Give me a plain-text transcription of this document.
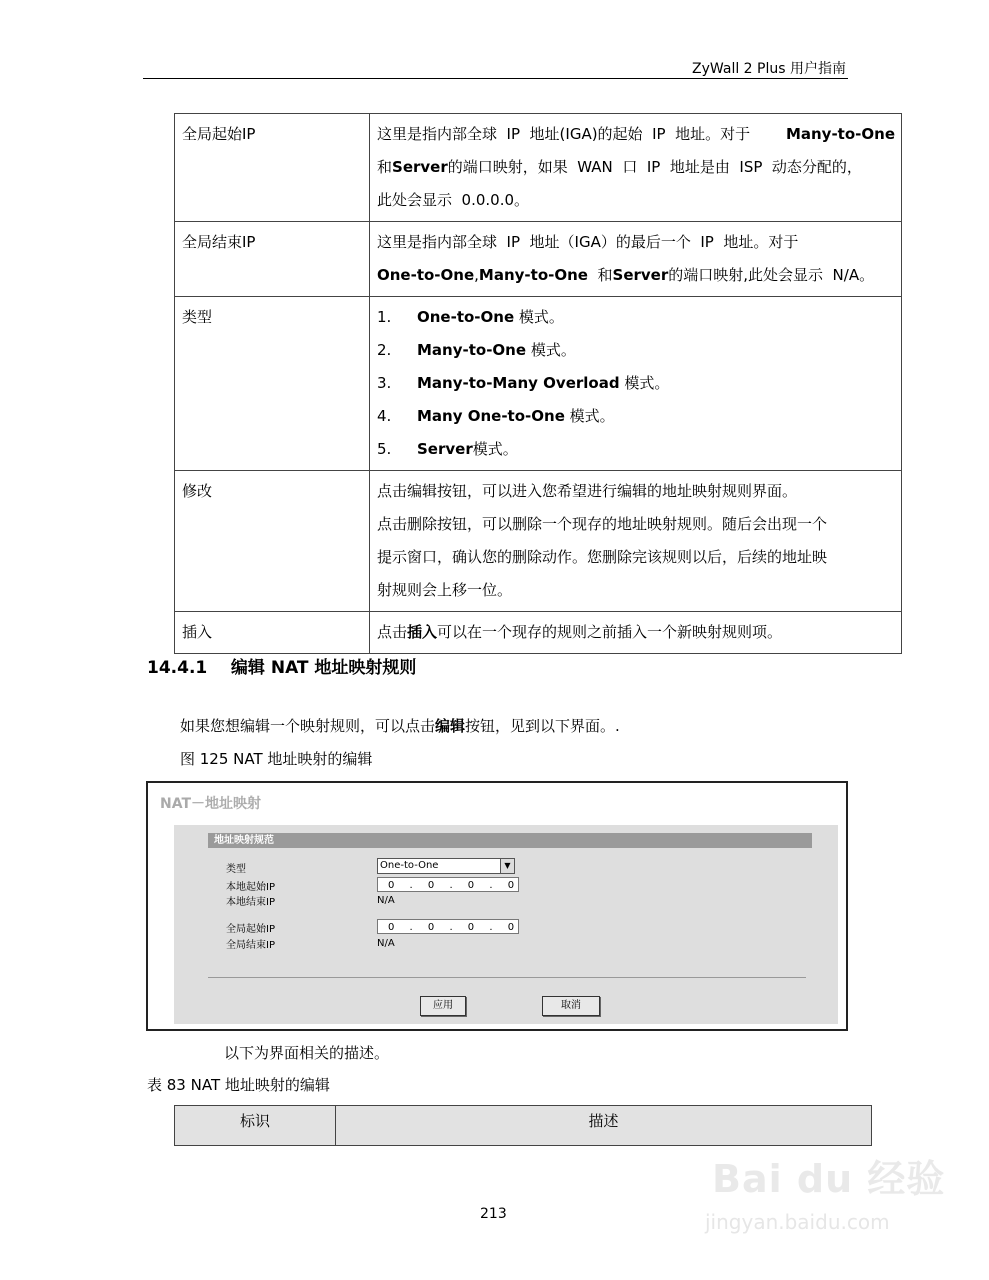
ZyWall 2 Plus 用户指南
全局起始IP	这里是指内部全球  IP  地址(IGA)的起始  IP  地址。对于 Many-to-One
和Server的端口映射，如果  WAN  口  IP  地址是由  ISP  动态分配的，
此处会显示  0.0.0.0。

全局结束IP	这里是指内部全球  IP  地址（IGA）的最后一个  IP  地址。对于
One-to-One,Many-to-One  和Server的端口映射,此处会显示  N/A。

类型	1. One-to-One 模式。
2. Many-to-One 模式。
3. Many-to-Many Overload 模式。
4. Many One-to-One 模式。
5. Server模式。

修改	点击编辑按钮，可以进入您希望进行编辑的地址映射规则界面。
点击删除按钮，可以删除一个现存的地址映射规则。随后会出现一个
提示窗口，确认您的删除动作。您删除完该规则以后，后续的地址映
射规则会上移一位。

插入	点击插入可以在一个现存的规则之前插入一个新映射规则项。
14.4.1 编辑 NAT 地址映射规则
如果您想编辑一个映射规则，可以点击编辑按钮，见到以下界面。.
图 125 NAT 地址映射的编辑
NAT－地址映射
地址映射规范
类型	One-to-One	▼
本地起始IP	0 . 0 . 0 . 0
本地结束IP	N/A
全局起始IP	0 . 0 . 0 . 0
全局结束IP	N/A
应用	取消
以下为界面相关的描述。
表 83 NAT 地址映射的编辑
标识	描述
213
Bai du 经验
jingyan.baidu.com
